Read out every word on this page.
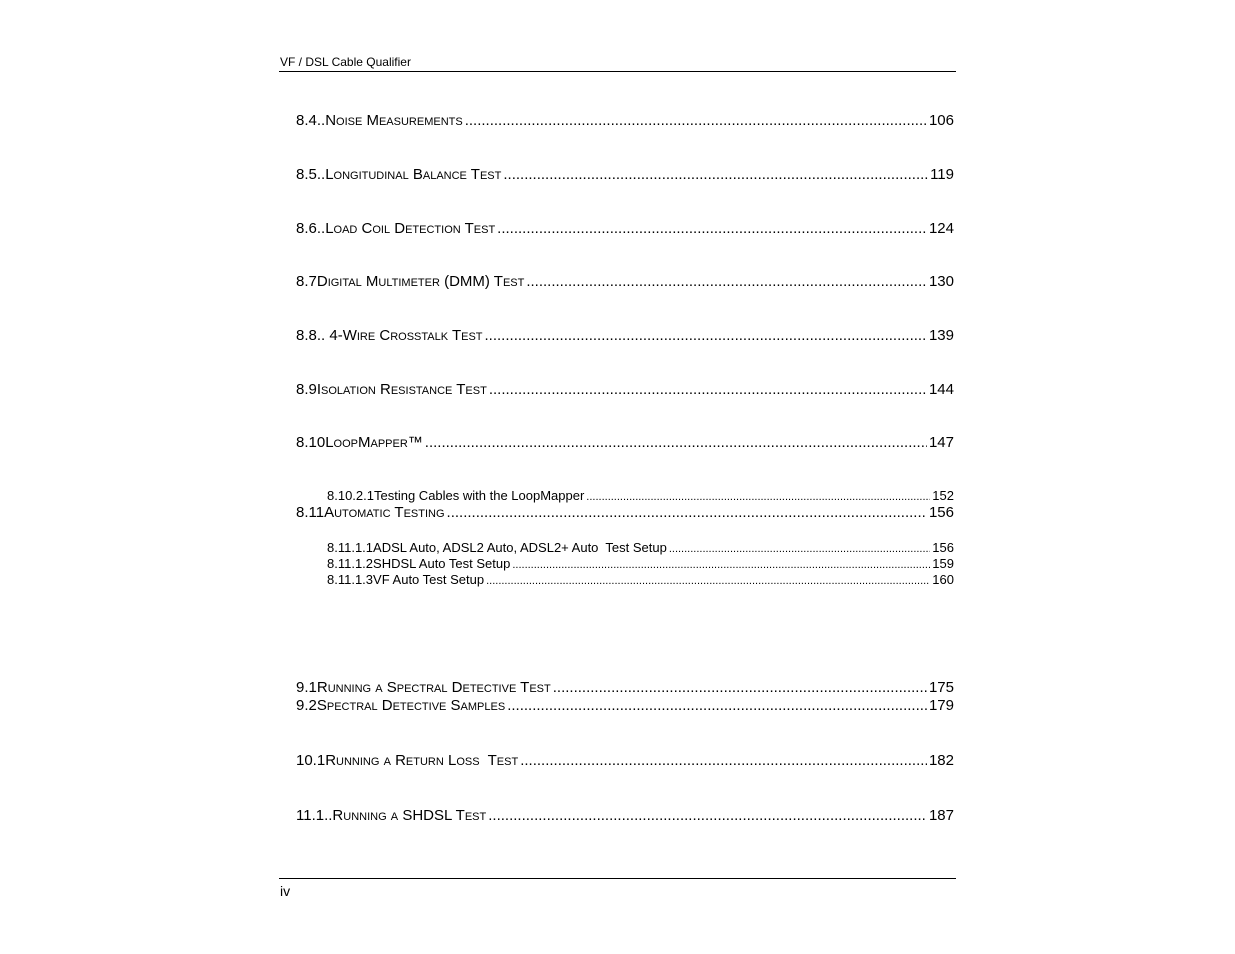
VF / DSL Cable Qualifier
8.4.. Noise Measurements .....	106
8.5.. Longitudinal Balance Test .....	119
8.6.. Load Coil Detection Test .....	124
8.7 Digital Multimeter (DMM) Test .....	130
8.8.. 4-Wire Crosstalk Test .....	139
8.9 Isolation Resistance Test .....	144
8.10 LoopMapper™ .....	147
8.10.2.1 Testing Cables with the LoopMapper .....	152
8.11 Automatic Testing .....	156
8.11.1.1 ADSL Auto, ADSL2 Auto, ADSL2+ Auto  Test Setup .....	156
8.11.1.2 SHDSL Auto Test Setup .....	159
8.11.1.3 VF Auto Test Setup .....	160
9.1 Running a Spectral Detective Test .....	175
9.2 Spectral Detective Samples .....	179
10.1 Running a Return Loss  Test .....	182
11.1.. Running a SHDSL Test .....	187
iv
